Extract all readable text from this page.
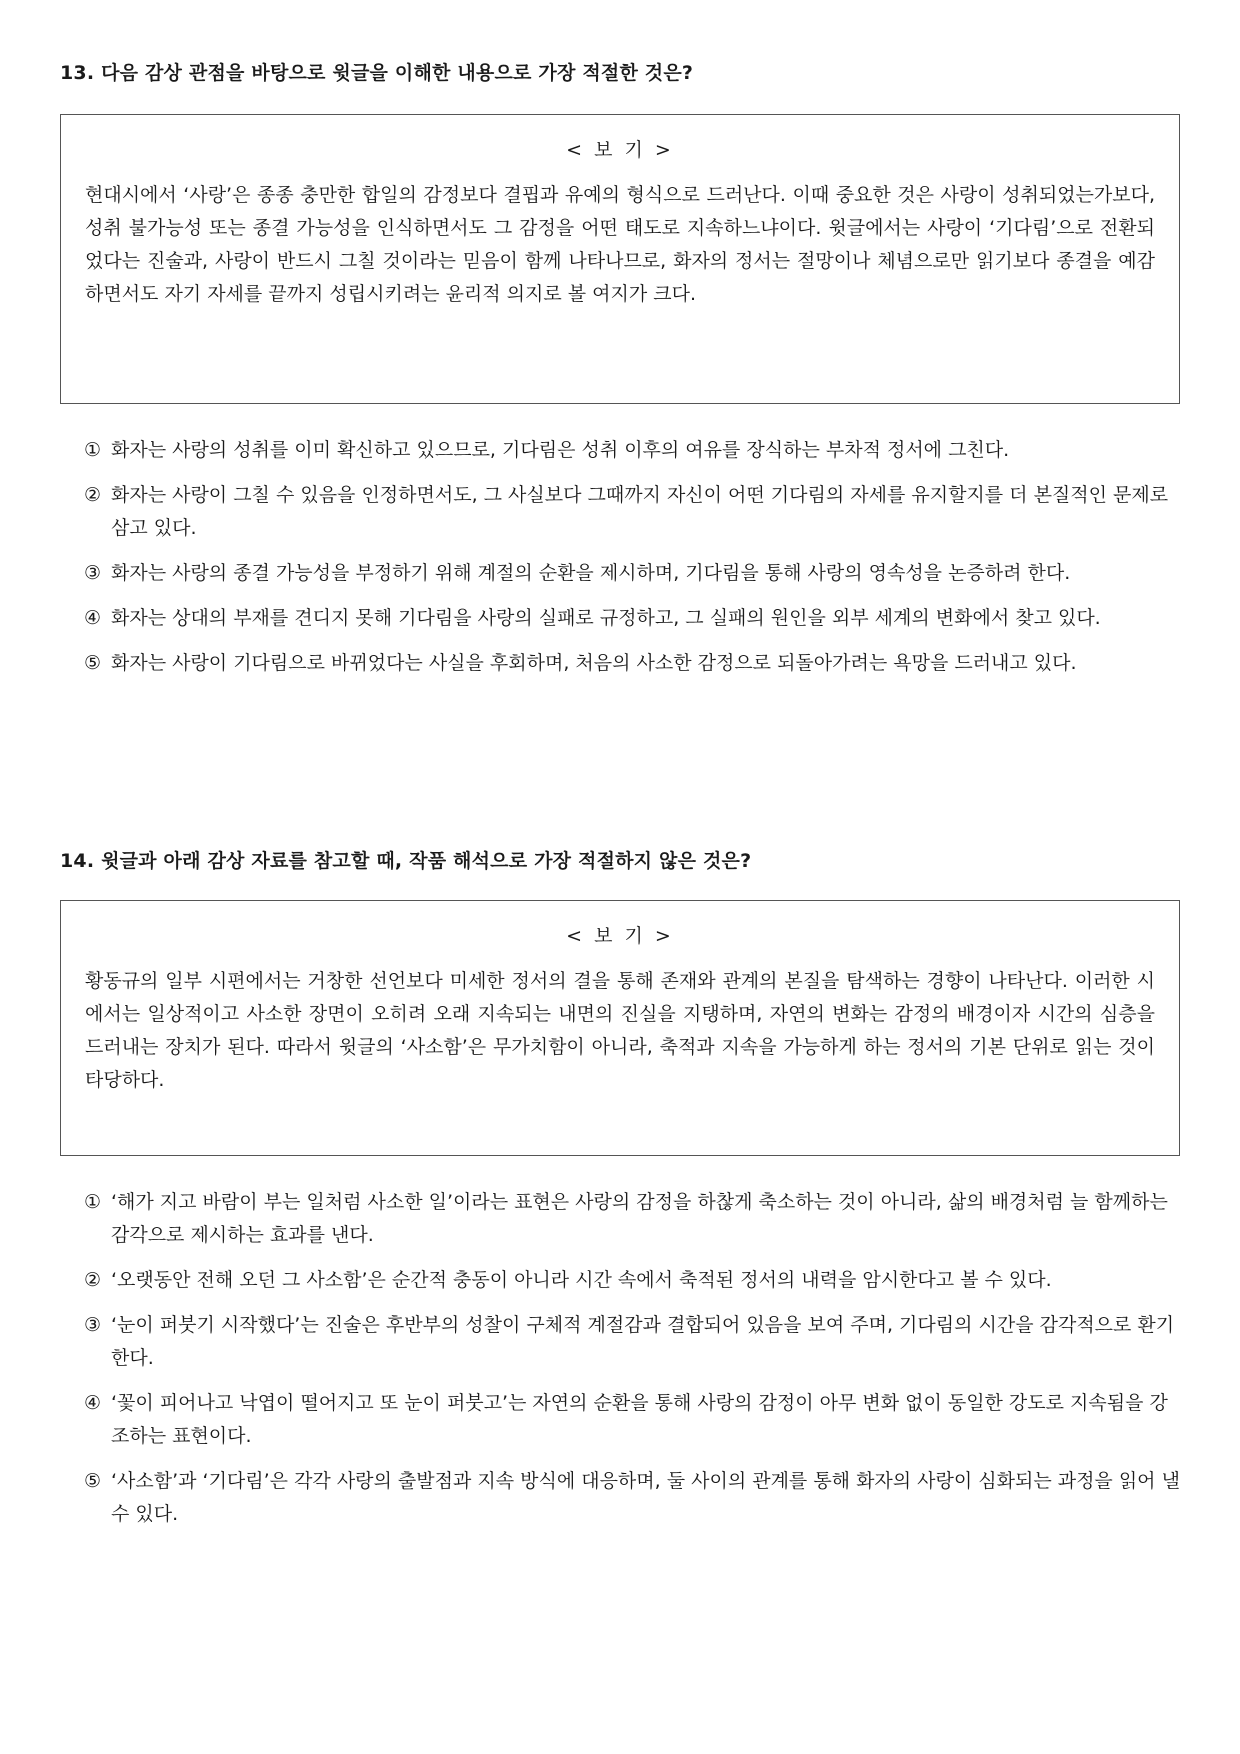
13. 다음 감상 관점을 바탕으로 윗글을 이해한 내용으로 가장 적절한 것은?

< 보 기 >

현대시에서 ‘사랑’은 종종 충만한 합일의 감정보다 결핍과 유예의 형식으로 드러난다. 이때 중요한 것은 사랑이 성취되었는가보다, 성취 불가능성 또는 종결 가능성을 인식하면서도 그 감정을 어떤 태도로 지속하느냐이다. 윗글에서는 사랑이 ‘기다림’으로 전환되었다는 진술과, 사랑이 반드시 그칠 것이라는 믿음이 함께 나타나므로, 화자의 정서는 절망이나 체념으로만 읽기보다 종결을 예감하면서도 자기 자세를 끝까지 성립시키려는 윤리적 의지로 볼 여지가 크다.

① 화자는 사랑의 성취를 이미 확신하고 있으므로, 기다림은 성취 이후의 여유를 장식하는 부차적 정서에 그친다.
② 화자는 사랑이 그칠 수 있음을 인정하면서도, 그 사실보다 그때까지 자신이 어떤 기다림의 자세를 유지할지를 더 본질적인 문제로 삼고 있다.
③ 화자는 사랑의 종결 가능성을 부정하기 위해 계절의 순환을 제시하며, 기다림을 통해 사랑의 영속성을 논증하려 한다.
④ 화자는 상대의 부재를 견디지 못해 기다림을 사랑의 실패로 규정하고, 그 실패의 원인을 외부 세계의 변화에서 찾고 있다.
⑤ 화자는 사랑이 기다림으로 바뀌었다는 사실을 후회하며, 처음의 사소한 감정으로 되돌아가려는 욕망을 드러내고 있다.
14. 윗글과 아래 감상 자료를 참고할 때, 작품 해석으로 가장 적절하지 않은 것은?

< 보 기 >

황동규의 일부 시편에서는 거창한 선언보다 미세한 정서의 결을 통해 존재와 관계의 본질을 탐색하는 경향이 나타난다. 이러한 시에서는 일상적이고 사소한 장면이 오히려 오래 지속되는 내면의 진실을 지탱하며, 자연의 변화는 감정의 배경이자 시간의 심층을 드러내는 장치가 된다. 따라서 윗글의 ‘사소함’은 무가치함이 아니라, 축적과 지속을 가능하게 하는 정서의 기본 단위로 읽는 것이 타당하다.

① ‘해가 지고 바람이 부는 일처럼 사소한 일’이라는 표현은 사랑의 감정을 하찮게 축소하는 것이 아니라, 삶의 배경처럼 늘 함께하는 감각으로 제시하는 효과를 낸다.
② ‘오랫동안 전해 오던 그 사소함’은 순간적 충동이 아니라 시간 속에서 축적된 정서의 내력을 암시한다고 볼 수 있다.
③ ‘눈이 퍼붓기 시작했다’는 진술은 후반부의 성찰이 구체적 계절감과 결합되어 있음을 보여 주며, 기다림의 시간을 감각적으로 환기한다.
④ ‘꽃이 피어나고 낙엽이 떨어지고 또 눈이 퍼붓고’는 자연의 순환을 통해 사랑의 감정이 아무 변화 없이 동일한 강도로 지속됨을 강조하는 표현이다.
⑤ ‘사소함’과 ‘기다림’은 각각 사랑의 출발점과 지속 방식에 대응하며, 둘 사이의 관계를 통해 화자의 사랑이 심화되는 과정을 읽어 낼 수 있다.
